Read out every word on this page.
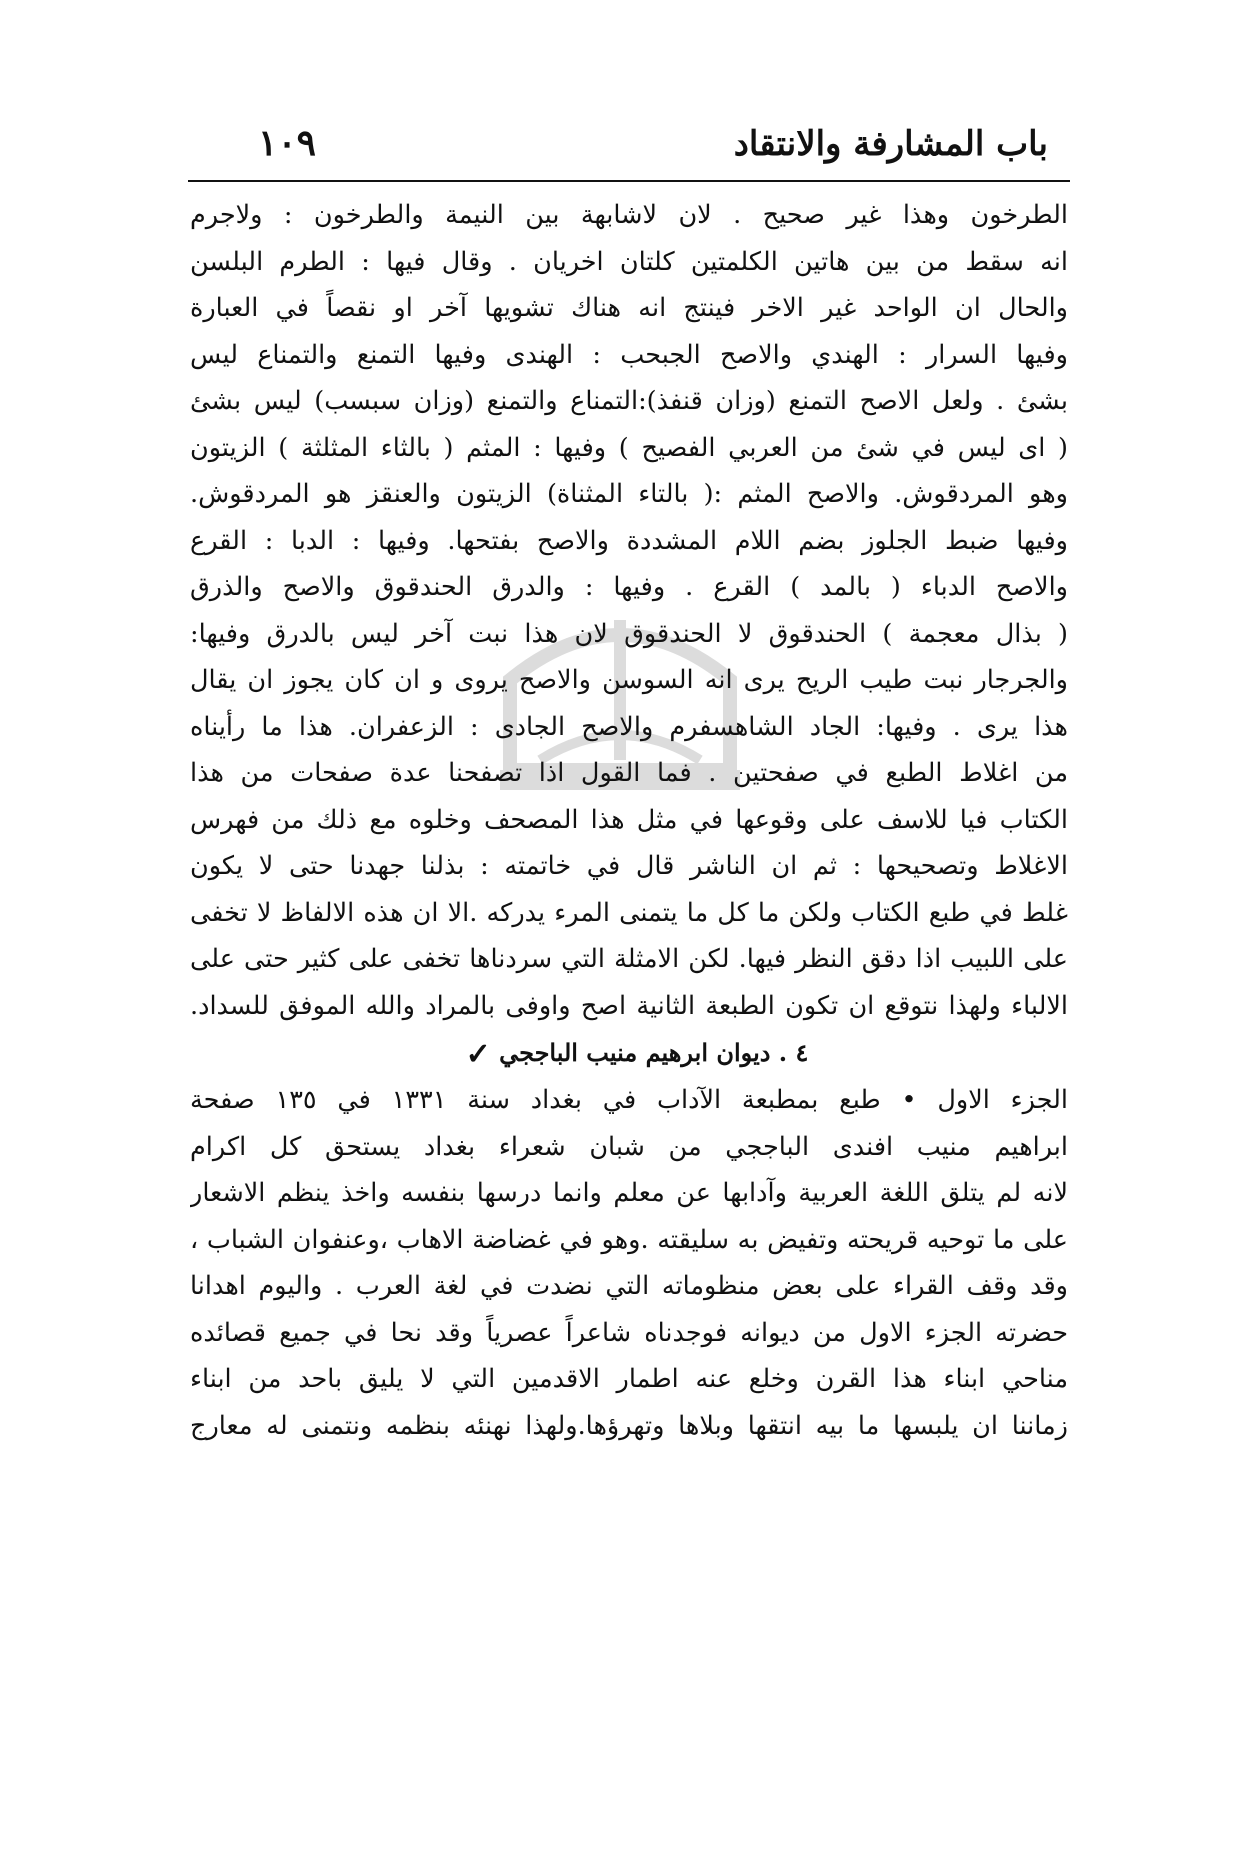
باب المشارفة والانتقاد
١٠٩
الطرخون وهذا غير صحيح . لان لاشابهة بين النيمة والطرخون : ولاجرم
انه سقط من بين هاتين الكلمتين كلتان اخريان . وقال فيها : الطرم البلسن
والحال ان الواحد غير الاخر فينتج انه هناك تشويها آخر او نقصاً في العبارة
وفيها السرار : الهندي والاصح الجبحب : الهندى وفيها التمنع والتمناع ليس
بشئ . ولعل الاصح التمنع (وزان قنفذ):التمناع والتمنع (وزان سبسب) ليس بشئ
( اى ليس في شئ من العربي الفصيح ) وفيها : المثم ( بالثاء المثلثة ) الزيتون
وهو المردقوش. والاصح المثم :( بالتاء المثناة) الزيتون والعنقز هو المردقوش.
وفيها ضبط الجلوز بضم اللام المشددة والاصح بفتحها. وفيها : الدبا : القرع
والاصح الدباء ( بالمد ) القرع . وفيها : والدرق الحندقوق والاصح والذرق
( بذال معجمة ) الحندقوق لا الحندقوق لان هذا نبت آخر ليس بالدرق وفيها:
والجرجار نبت طيب الريح يرى انه السوسن والاصح يروى و ان كان يجوز ان يقال
هذا يرى . وفيها: الجاد الشاهسفرم والاصح الجادى : الزعفران. هذا ما رأيناه
من اغلاط الطبع في صفحتين . فما القول اذا تصفحنا عدة صفحات من هذا
الكتاب فيا للاسف على وقوعها في مثل هذا المصحف وخلوه مع ذلك من فهرس
الاغلاط وتصحيحها : ثم ان الناشر قال في خاتمته : بذلنا جهدنا حتى لا يكون
غلط في طبع الكتاب ولكن ما كل ما يتمنى المرء يدركه .الا ان هذه الالفاظ لا تخفى
على اللبيب اذا دقق النظر فيها. لكن الامثلة التي سردناها تخفى على كثير حتى على
الالباء ولهذا نتوقع ان تكون الطبعة الثانية اصح واوفى بالمراد والله الموفق للسداد.
٤ . ديوان ابرهيم منيب الباججي ✓
الجزء الاول • طبع بمطبعة الآداب في بغداد سنة ١٣٣١ في ١٣٥ صفحة
ابراهيم منيب افندى الباججي من شبان شعراء بغداد يستحق كل اكرام
لانه لم يتلق اللغة العربية وآدابها عن معلم وانما درسها بنفسه واخذ ينظم الاشعار
على ما توحيه قريحته وتفيض به سليقته .وهو في غضاضة الاهاب ،وعنفوان الشباب ،
وقد وقف القراء على بعض منظوماته التي نضدت في لغة العرب . واليوم اهدانا
حضرته الجزء الاول من ديوانه فوجدناه شاعراً عصرياً وقد نحا في جميع قصائده
مناحي ابناء هذا القرن وخلع عنه اطمار الاقدمين التي لا يليق باحد من ابناء
زماننا ان يلبسها ما بيه انتقها وبلاها وتهرؤها.ولهذا نهنئه بنظمه ونتمنى له معارج
